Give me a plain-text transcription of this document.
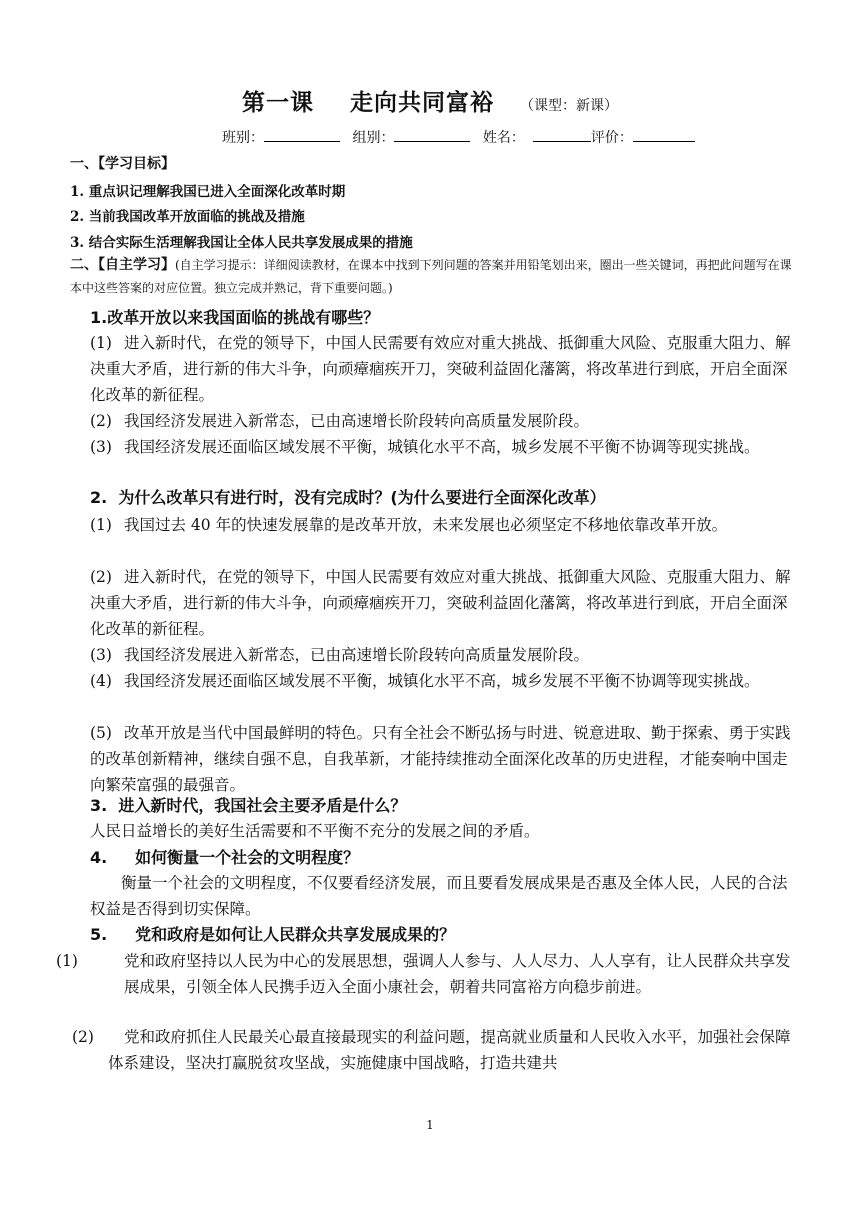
第一课 走向共同富裕 （课型：新课）
班别：	组别：	姓名：	评价：
一、【学习目标】
1. 重点识记理解我国已进入全面深化改革时期
2. 当前我国改革开放面临的挑战及措施
3. 结合实际生活理解我国让全体人民共享发展成果的措施
二、【自主学习】(自主学习提示：详细阅读教材，在课本中找到下列问题的答案并用铅笔划出来，圈出一些关键词，再把此问题写在课本中这些答案的对应位置。独立完成并熟记，背下重要问题。)
1.改革开放以来我国面临的挑战有哪些？
(1) 进入新时代，在党的领导下，中国人民需要有效应对重大挑战、抵御重大风险、克服重大阻力、解决重大矛盾，进行新的伟大斗争，向顽瘴痼疾开刀，突破利益固化藩篱，将改革进行到底，开启全面深化改革的新征程。
(2) 我国经济发展进入新常态，已由高速增长阶段转向高质量发展阶段。
(3) 我国经济发展还面临区域发展不平衡，城镇化水平不高，城乡发展不平衡不协调等现实挑战。
2.  为什么改革只有进行时，没有完成时？(为什么要进行全面深化改革）
(1) 我国过去 40 年的快速发展靠的是改革开放，未来发展也必须坚定不移地依靠改革开放。
(2) 进入新时代，在党的领导下，中国人民需要有效应对重大挑战、抵御重大风险、克服重大阻力、解决重大矛盾，进行新的伟大斗争，向顽瘴痼疾开刀，突破利益固化藩篱，将改革进行到底，开启全面深化改革的新征程。
(3) 我国经济发展进入新常态，已由高速增长阶段转向高质量发展阶段。
(4) 我国经济发展还面临区域发展不平衡，城镇化水平不高，城乡发展不平衡不协调等现实挑战。
(5) 改革开放是当代中国最鲜明的特色。只有全社会不断弘扬与时进、锐意进取、勤于探索、勇于实践的改革创新精神，继续自强不息，自我革新，才能持续推动全面深化改革的历史进程，才能奏响中国走向繁荣富强的最强音。
3.  进入新时代，我国社会主要矛盾是什么？
人民日益增长的美好生活需要和不平衡不充分的发展之间的矛盾。
4.     如何衡量一个社会的文明程度？
衡量一个社会的文明程度，不仅要看经济发展，而且要看发展成果是否惠及全体人民，人民的合法权益是否得到切实保障。
5.     党和政府是如何让人民群众共享发展成果的？
(1)	党和政府坚持以人民为中心的发展思想，强调人人参与、人人尽力、人人享有，让人民群众共享发展成果，引领全体人民携手迈入全面小康社会，朝着共同富裕方向稳步前进。
(2) 党和政府抓住人民最关心最直接最现实的利益问题，提高就业质量和人民收入水平，加强社会保障体系建设，坚决打赢脱贫攻坚战，实施健康中国战略，打造共建共
1
